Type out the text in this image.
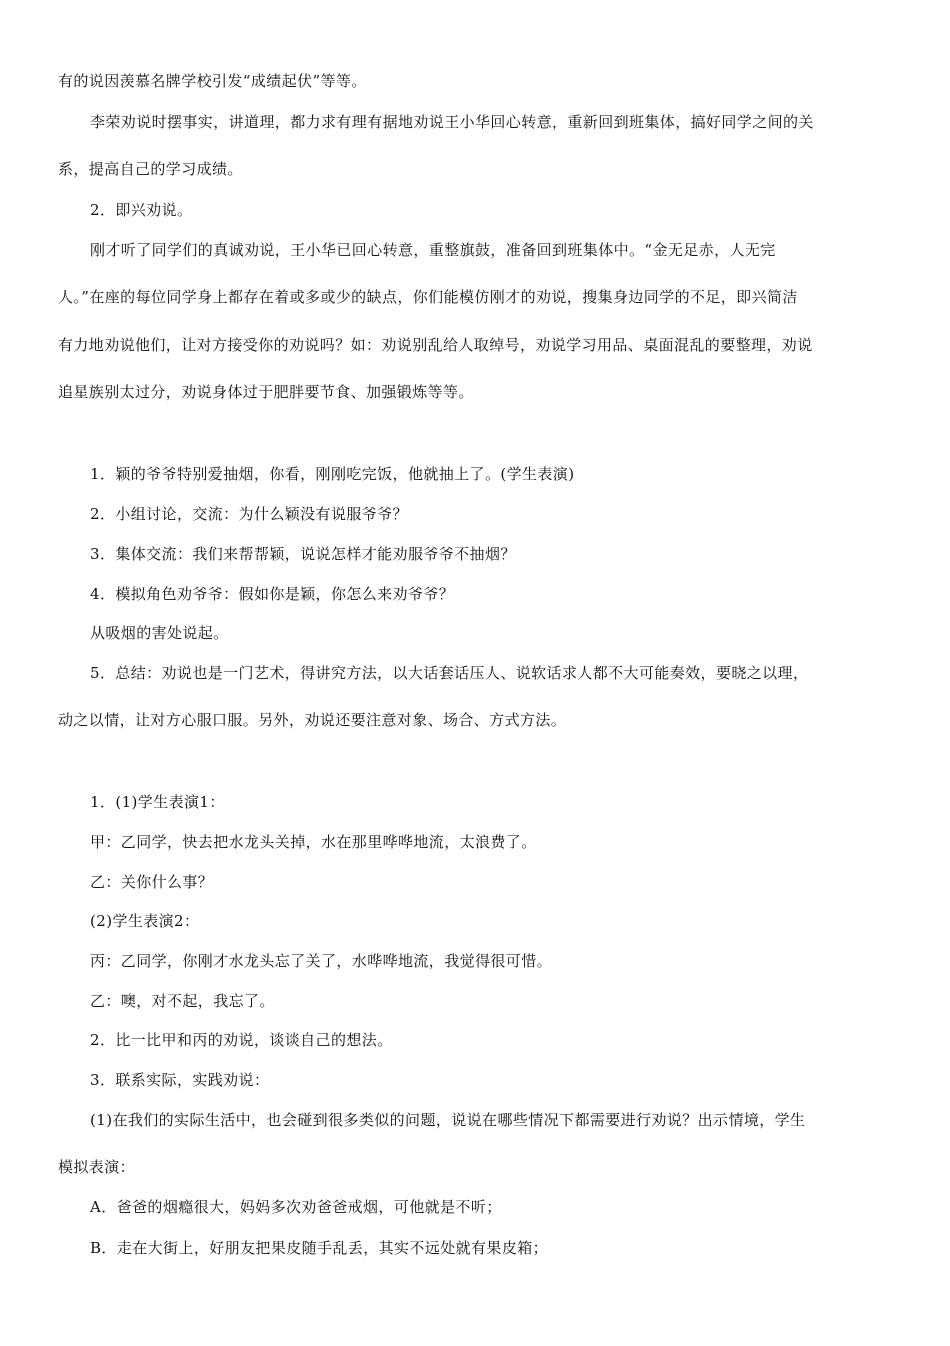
有的说因羡慕名牌学校引发“成绩起伏”等等。
李荣劝说时摆事实，讲道理，都力求有理有据地劝说王小华回心转意，重新回到班集体，搞好同学之间的关
系，提高自己的学习成绩。
2．即兴劝说。
刚才听了同学们的真诚劝说，王小华已回心转意，重整旗鼓，准备回到班集体中。“金无足赤，人无完
人。”在座的每位同学身上都存在着或多或少的缺点，你们能模仿刚才的劝说，搜集身边同学的不足，即兴简洁
有力地劝说他们，让对方接受你的劝说吗？如：劝说别乱给人取绰号，劝说学习用品、桌面混乱的要整理，劝说
追星族别太过分，劝说身体过于肥胖要节食、加强锻炼等等。
1．颖的爷爷特别爱抽烟，你看，刚刚吃完饭，他就抽上了。(学生表演)
2．小组讨论，交流：为什么颖没有说服爷爷？
3．集体交流：我们来帮帮颖，说说怎样才能劝服爷爷不抽烟？
4．模拟角色劝爷爷：假如你是颖，你怎么来劝爷爷？
从吸烟的害处说起。
5．总结：劝说也是一门艺术，得讲究方法，以大话套话压人、说软话求人都不大可能奏效，要晓之以理，
动之以情，让对方心服口服。另外，劝说还要注意对象、场合、方式方法。
1．(1)学生表演1：
甲：乙同学，快去把水龙头关掉，水在那里哗哗地流，太浪费了。
乙：关你什么事？
(2)学生表演2：
丙：乙同学，你刚才水龙头忘了关了，水哗哗地流，我觉得很可惜。
乙：噢，对不起，我忘了。
2．比一比甲和丙的劝说，谈谈自己的想法。
3．联系实际，实践劝说：
(1)在我们的实际生活中，也会碰到很多类似的问题，说说在哪些情况下都需要进行劝说？出示情境，学生
模拟表演：
A．爸爸的烟瘾很大，妈妈多次劝爸爸戒烟，可他就是不听；
B．走在大街上，好朋友把果皮随手乱丢，其实不远处就有果皮箱；
